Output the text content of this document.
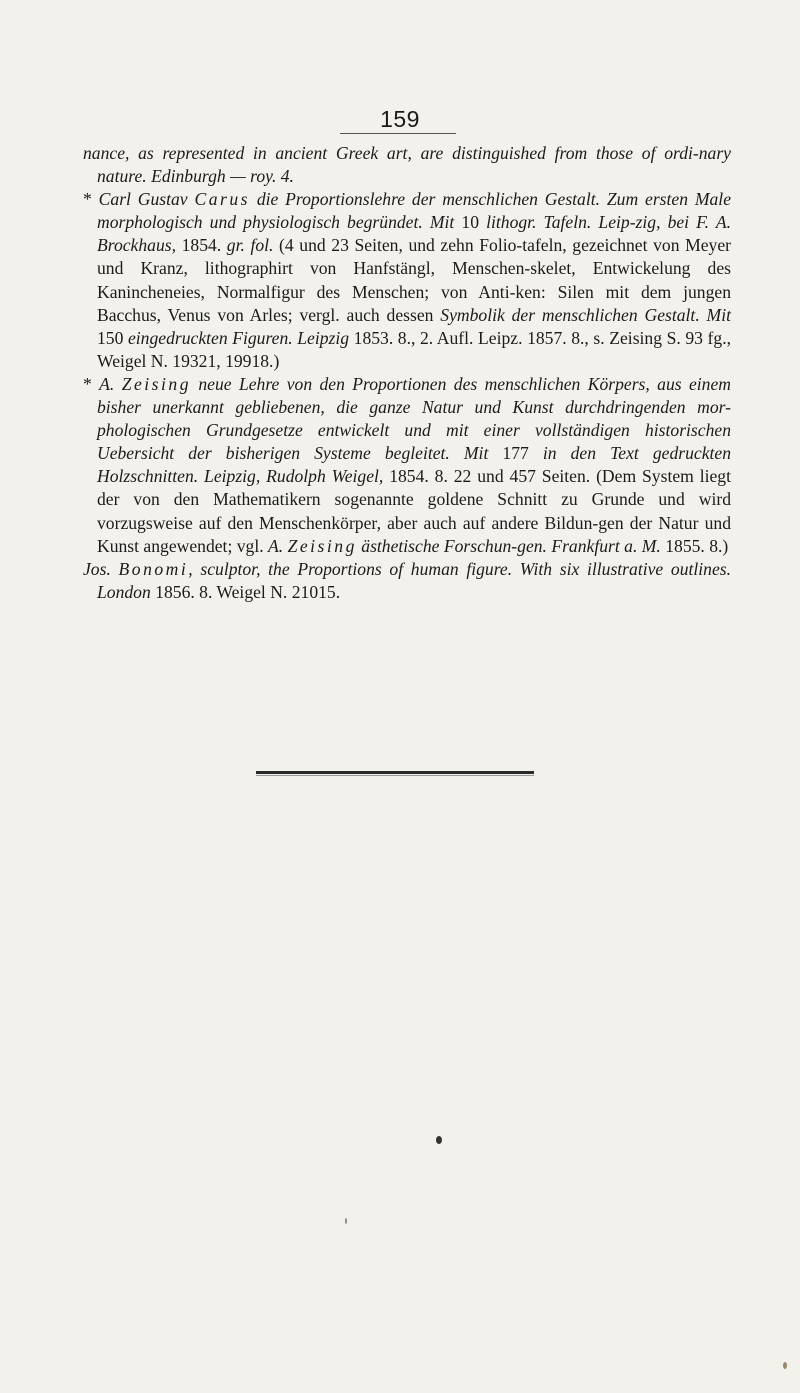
159

nance, as represented in ancient Greek art, are distinguished from those of ordi-nary nature. Edinburgh — roy. 4.

* Carl Gustav Carus die Proportionslehre der menschlichen Gestalt. Zum ersten Male morphologisch und physiologisch begründet. Mit 10 lithogr. Tafeln. Leip-zig, bei F. A. Brockhaus, 1854. gr. fol. (4 und 23 Seiten, und zehn Folio-tafeln, gezeichnet von Meyer und Kranz, lithographirt von Hanfstängl, Menschen-skelet, Entwickelung des Kanincheneies, Normalfigur des Menschen; von Anti-ken: Silen mit dem jungen Bacchus, Venus von Arles; vergl. auch dessen Symbolik der menschlichen Gestalt. Mit 150 eingedruckten Figuren. Leipzig 1853. 8., 2. Aufl. Leipz. 1857. 8., s. Zeising S. 93 fg., Weigel N. 19321, 19918.)

* A. Zeising neue Lehre von den Proportionen des menschlichen Körpers, aus einem bisher unerkannt gebliebenen, die ganze Natur und Kunst durchdringenden mor-phologischen Grundgesetze entwickelt und mit einer vollständigen historischen Uebersicht der bisherigen Systeme begleitet. Mit 177 in den Text gedruckten Holzschnitten. Leipzig, Rudolph Weigel, 1854. 8. 22 und 457 Seiten. (Dem System liegt der von den Mathematikern sogenannte goldene Schnitt zu Grunde und wird vorzugsweise auf den Menschenkörper, aber auch auf andere Bildun-gen der Natur und Kunst angewendet; vgl. A. Zeising ästhetische Forschun-gen. Frankfurt a. M. 1855. 8.)

Jos. Bonomi, sculptor, the Proportions of human figure. With six illustrative outlines. London 1856. 8. Weigel N. 21015.
